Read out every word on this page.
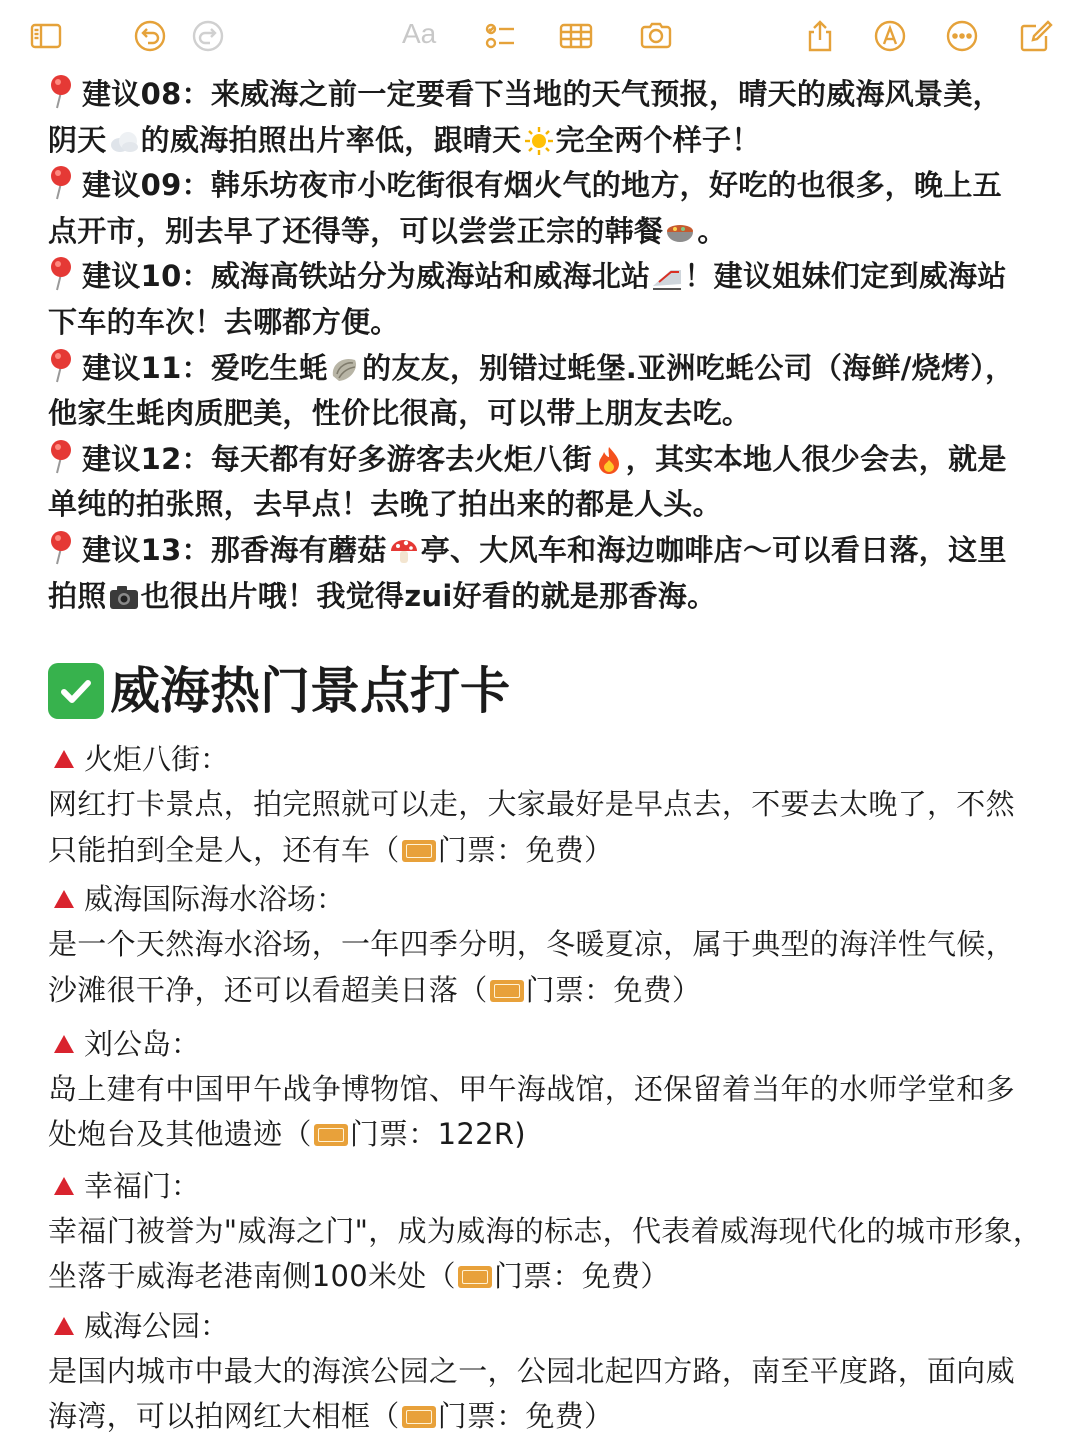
Aa
建议08：来威海之前一定要看下当地的天气预报，晴天的威海风景美，
阴天 的威海拍照出片率低，跟晴天 完全两个样子！
建议09：韩乐坊夜市小吃街很有烟火气的地方，好吃的也很多，晚上五
点开市，别去早了还得等，可以尝尝正宗的韩餐 。
建议10：威海高铁站分为威海站和威海北站 ！建议姐妹们定到威海站
下车的车次！去哪都方便。
建议11：爱吃生蚝 的友友，别错过蚝堡.亚洲吃蚝公司（海鲜/烧烤），
他家生蚝肉质肥美，性价比很高，可以带上朋友去吃。
建议12：每天都有好多游客去火炬八街 ，其实本地人很少会去，就是
单纯的拍张照，去早点！去晚了拍出来的都是人头。
建议13：那香海有蘑菇 亭、大风车和海边咖啡店～可以看日落，这里
拍照 也很出片哦！我觉得zui好看的就是那香海。
威海热门景点打卡
火炬八街：
网红打卡景点，拍完照就可以走，大家最好是早点去，不要去太晚了，不然
只能拍到全是人，还有车（ 门票：免费）
威海国际海水浴场：
是一个天然海水浴场，一年四季分明，冬暖夏凉，属于典型的海洋性气候，
沙滩很干净，还可以看超美日落（ 门票：免费）
刘公岛：
岛上建有中国甲午战争博物馆、甲午海战馆，还保留着当年的水师学堂和多
处炮台及其他遗迹（ 门票：122R)
幸福门：
幸福门被誉为"威海之门"，成为威海的标志，代表着威海现代化的城市形象，
坐落于威海老港南侧100米处（ 门票：免费）
威海公园：
是国内城市中最大的海滨公园之一，公园北起四方路，南至平度路，面向威
海湾，可以拍网红大相框（ 门票：免费）
